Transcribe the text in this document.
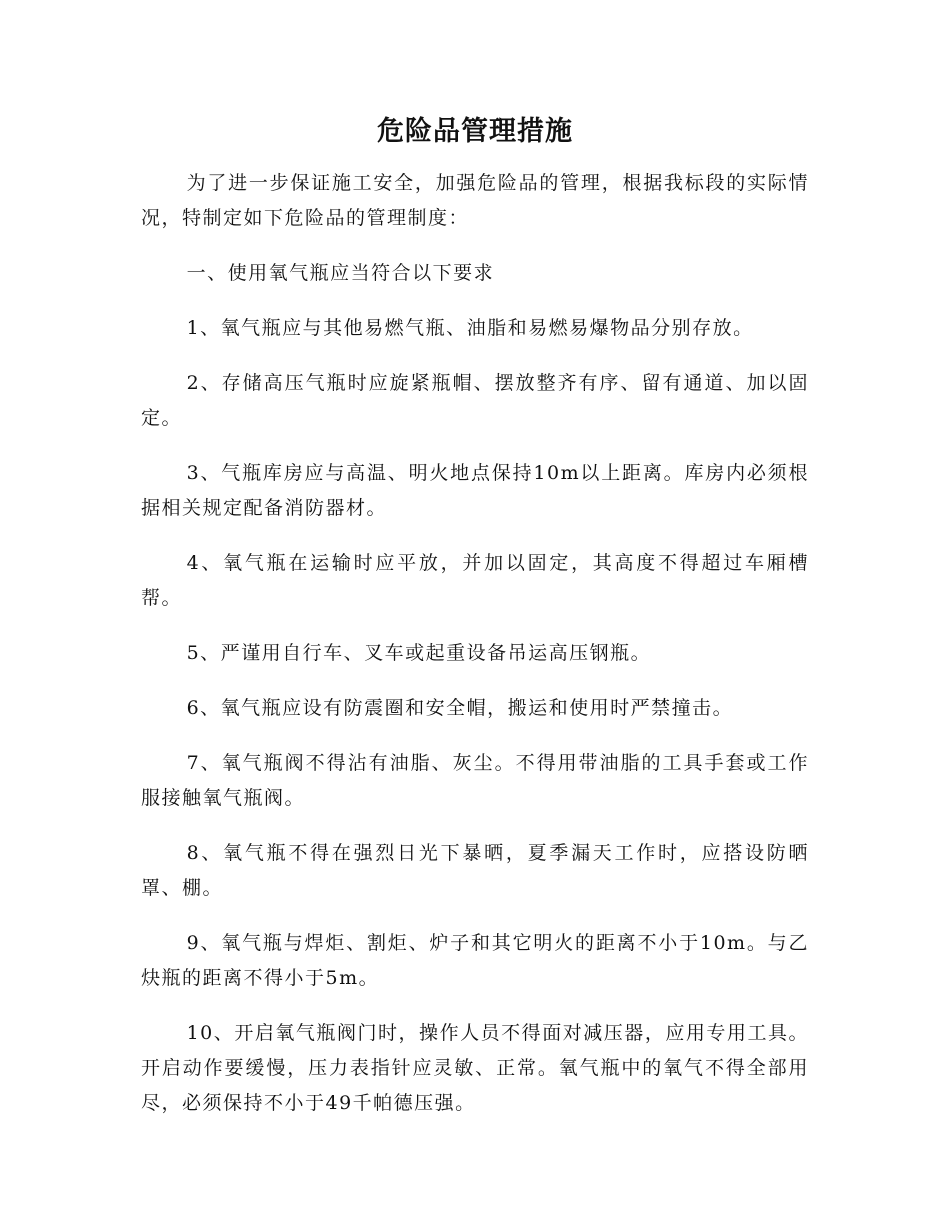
危险品管理措施

为了进一步保证施工安全，加强危险品的管理，根据我标段的实际情况，特制定如下危险品的管理制度：

一、使用氧气瓶应当符合以下要求

1、氧气瓶应与其他易燃气瓶、油脂和易燃易爆物品分别存放。

2、存储高压气瓶时应旋紧瓶帽、摆放整齐有序、留有通道、加以固定。

3、气瓶库房应与高温、明火地点保持10m以上距离。库房内必须根据相关规定配备消防器材。

4、氧气瓶在运输时应平放，并加以固定，其高度不得超过车厢槽帮。

5、严谨用自行车、叉车或起重设备吊运高压钢瓶。

6、氧气瓶应设有防震圈和安全帽，搬运和使用时严禁撞击。

7、氧气瓶阀不得沾有油脂、灰尘。不得用带油脂的工具手套或工作服接触氧气瓶阀。

8、氧气瓶不得在强烈日光下暴晒，夏季漏天工作时，应搭设防晒罩、棚。

9、氧气瓶与焊炬、割炬、炉子和其它明火的距离不小于10m。与乙炔瓶的距离不得小于5m。

10、开启氧气瓶阀门时，操作人员不得面对减压器，应用专用工具。开启动作要缓慢，压力表指针应灵敏、正常。氧气瓶中的氧气不得全部用尽，必须保持不小于49千帕德压强。
